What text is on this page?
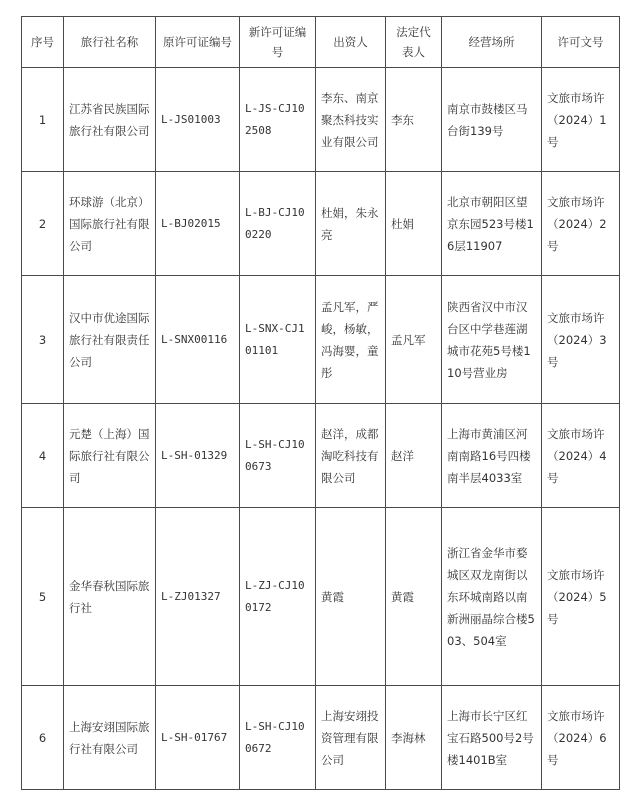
序号	旅行社名称	原许可证编号	新许可证编号	出资人	法定代表人	经营场所	许可文号
1	江苏省民族国际旅行社有限公司	L-JS01003	L-JS-CJ102508	李东、南京聚杰科技实业有限公司	李东	南京市鼓楼区马台街139号	文旅市场许（2024）1号
2	环球游（北京）国际旅行社有限公司	L-BJ02015	L-BJ-CJ100220	杜娟，朱永亮	杜娟	北京市朝阳区望京东园523号楼16层11907	文旅市场许（2024）2号
3	汉中市优途国际旅行社有限责任公司	L-SNX00116	L-SNX-CJ101101	孟凡军，严峻，杨敏，冯海婴，童彤	孟凡军	陕西省汉中市汉台区中学巷莲湖城市花苑5号楼110号营业房	文旅市场许（2024）3号
4	元楚（上海）国际旅行社有限公司	L-SH-01329	L-SH-CJ100673	赵洋，成都淘吃科技有限公司	赵洋	上海市黄浦区河南南路16号四楼南半层4033室	文旅市场许（2024）4号
5	金华春秋国际旅行社	L-ZJ01327	L-ZJ-CJ100172	黄霞	黄霞	浙江省金华市婺城区双龙南街以东环城南路以南新洲丽晶综合楼503、504室	文旅市场许（2024）5号
6	上海安翊国际旅行社有限公司	L-SH-01767	L-SH-CJ100672	上海安翊投资管理有限公司	李海林	上海市长宁区红宝石路500号2号楼1401B室	文旅市场许（2024）6号
